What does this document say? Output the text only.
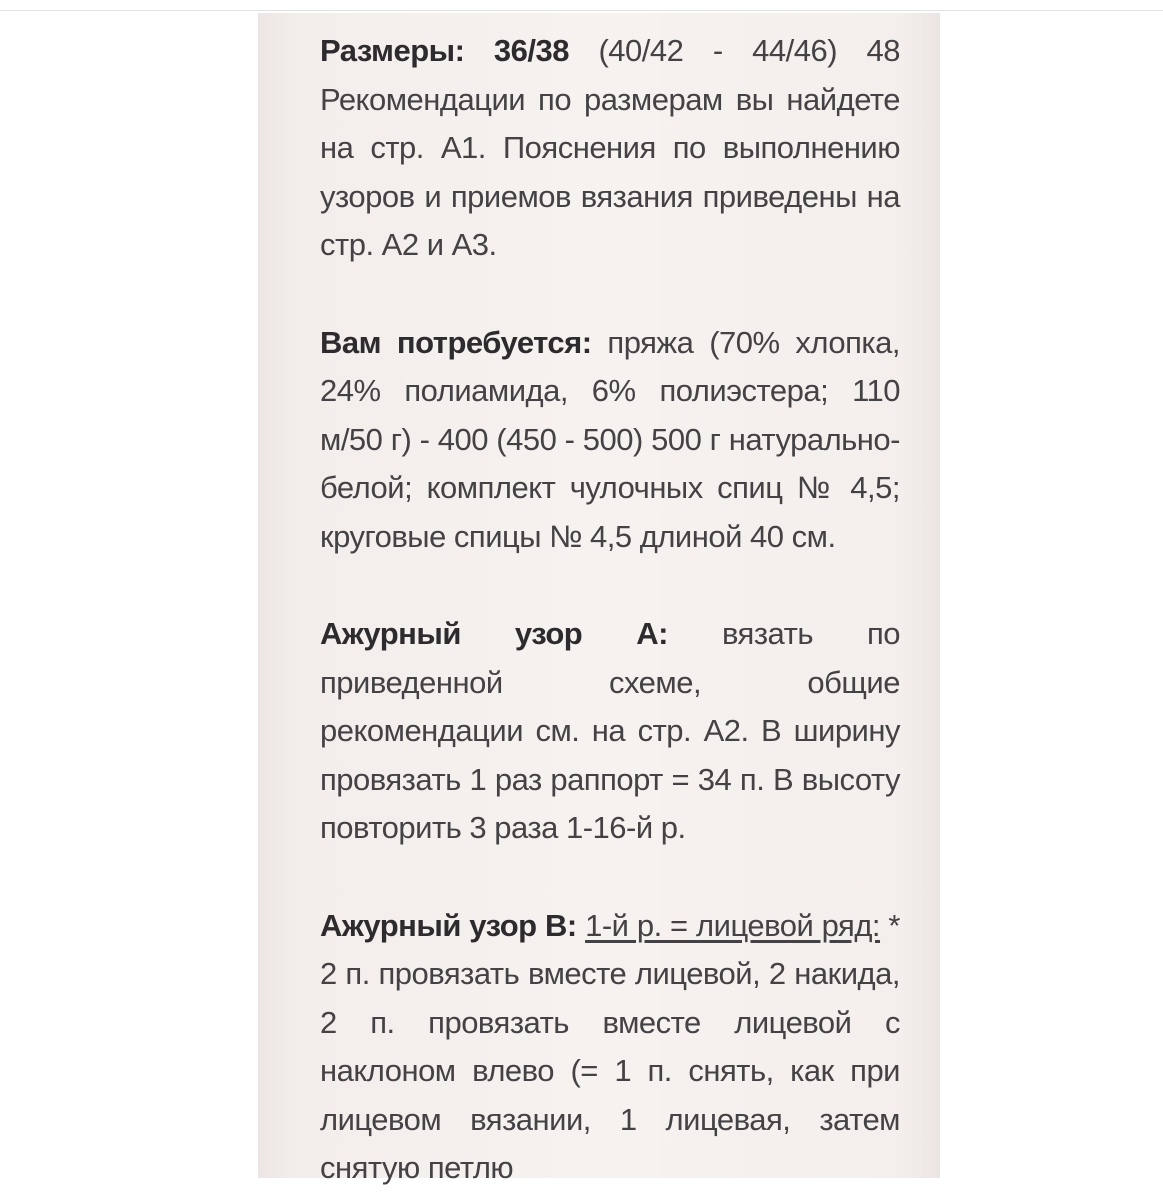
Размеры: 36/38 (40/42 - 44/46) 48 Рекомендации по размерам вы найдете на стр. А1. Пояснения по выполнению узоров и приемов вязания приведены на стр. А2 и А3.

Вам потребуется: пряжа (70% хлопка, 24% полиамида, 6% полиэстера; 110 м/50 г) - 400 (450 - 500) 500 г натурально-белой; комплект чулочных спиц № 4,5; круговые спицы № 4,5 длиной 40 см.

Ажурный узор А: вязать по приведенной схеме, общие рекомендации см. на стр. А2. В ширину провязать 1 раз раппорт = 34 п. В высоту повторить 3 раза 1-16-й р.

Ажурный узор В: 1-й р. = лицевой ряд: * 2 п. провязать вместе лицевой, 2 накида, 2 п. провязать вместе лицевой с наклоном влево (= 1 п. снять, как при лицевом вязании, 1 лицевая, затем снятую петлю
